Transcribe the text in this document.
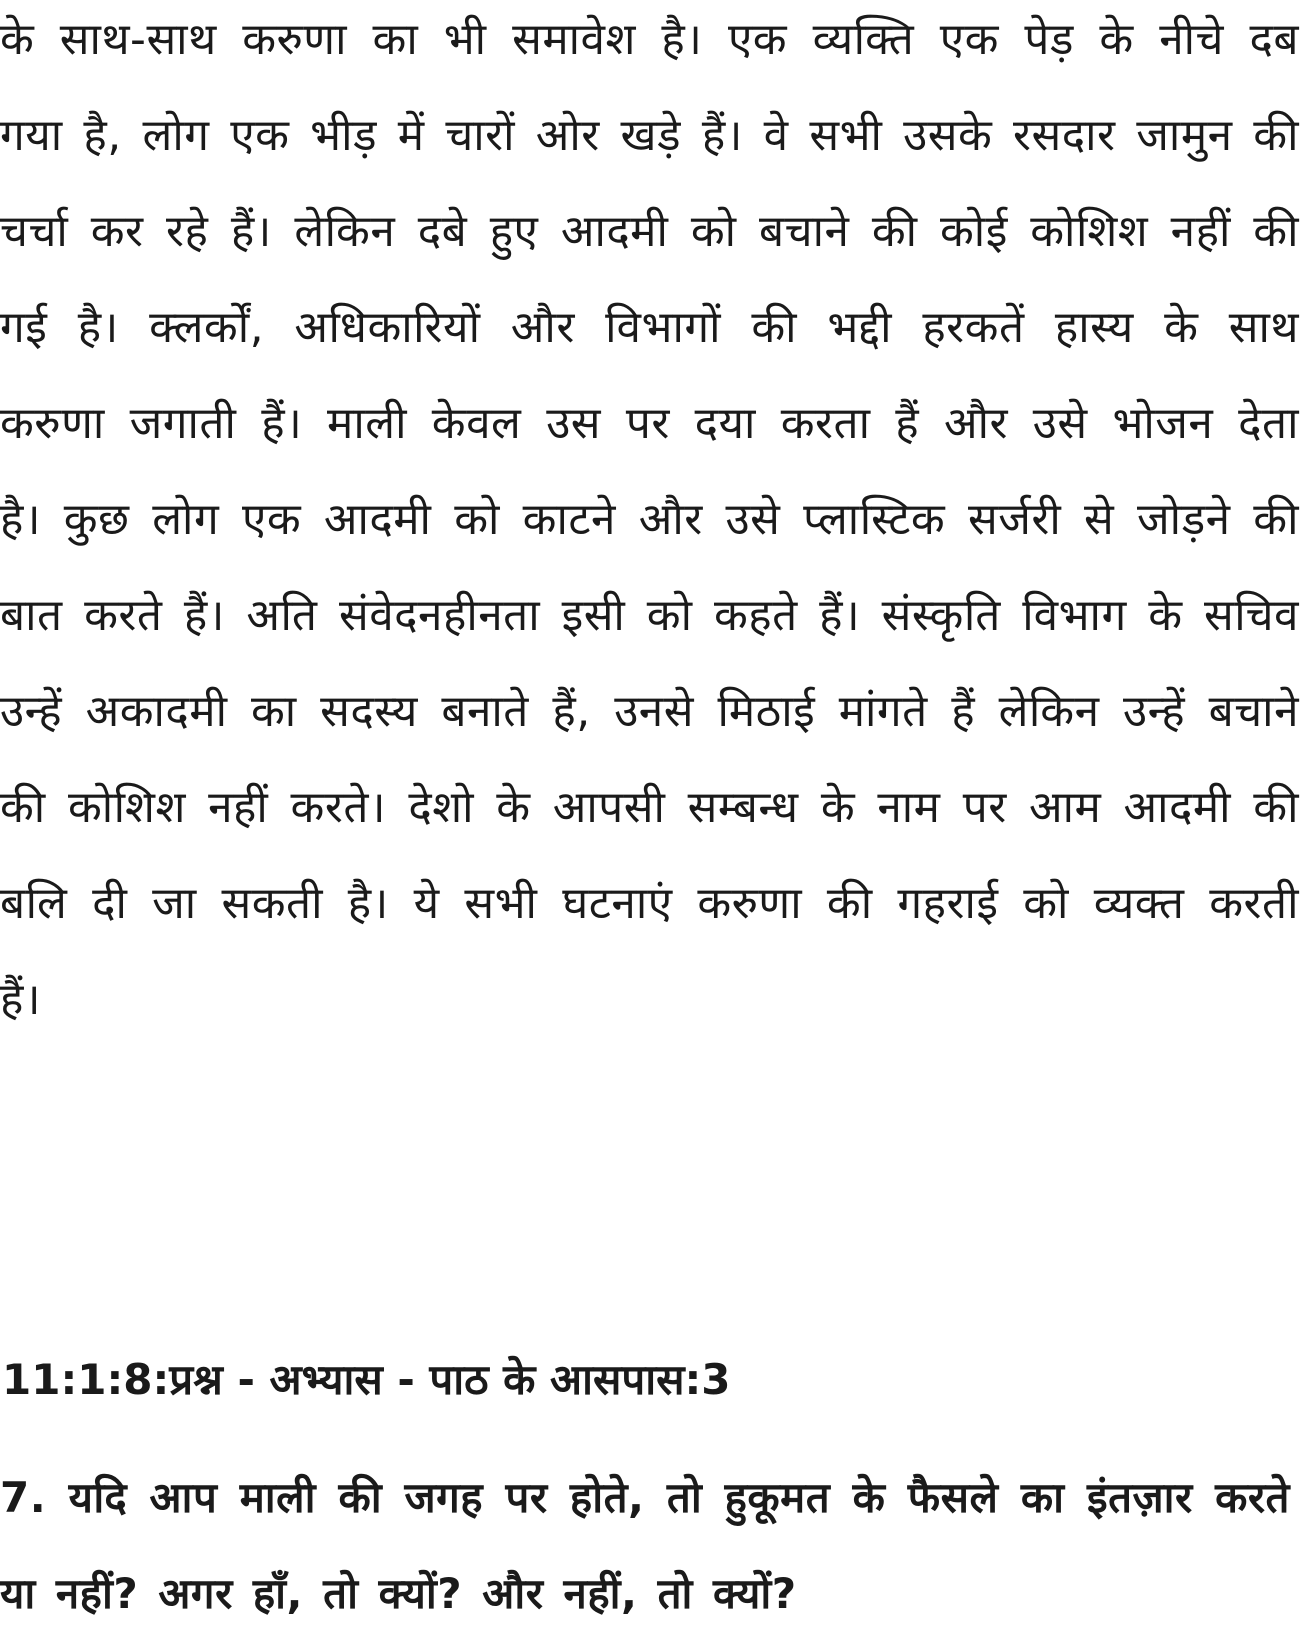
के साथ-साथ करुणा का भी समावेश है। एक व्यक्ति एक पेड़ के नीचे दब गया है, लोग एक भीड़ में चारों ओर खड़े हैं। वे सभी उसके रसदार जामुन की चर्चा कर रहे हैं। लेकिन दबे हुए आदमी को बचाने की कोई कोशिश नहीं की गई है। क्लर्कों, अधिकारियों और विभागों की भद्दी हरकतें हास्य के साथ करुणा जगाती हैं। माली केवल उस पर दया करता हैं और उसे भोजन देता है। कुछ लोग एक आदमी को काटने और उसे प्लास्टिक सर्जरी से जोड़ने की बात करते हैं। अति संवेदनहीनता इसी को कहते हैं। संस्कृति विभाग के सचिव उन्हें अकादमी का सदस्य बनाते हैं, उनसे मिठाई मांगते हैं लेकिन उन्हें बचाने की कोशिश नहीं करते। देशो के आपसी सम्बन्ध के नाम पर आम आदमी की बलि दी जा सकती है। ये सभी घटनाएं करुणा की गहराई को व्यक्त करती हैं।

11:1:8:प्रश्न - अभ्यास - पाठ के आसपास:3

7. यदि आप माली की जगह पर होते, तो हुकूमत के फैसले का इंतज़ार करते या नहीं? अगर हाँ, तो क्यों? और नहीं, तो क्यों?
